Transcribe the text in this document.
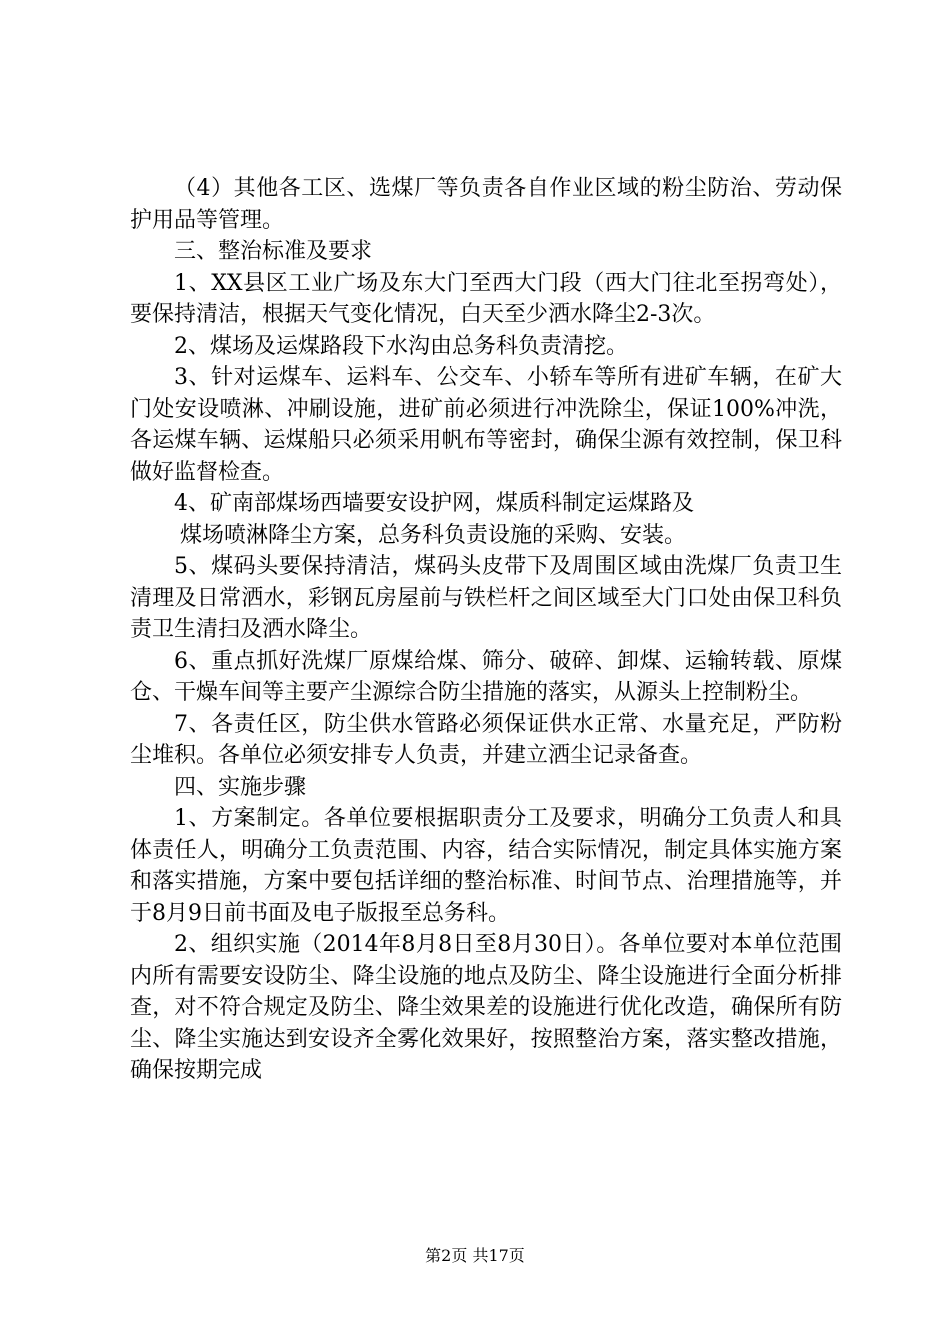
（4）其他各工区、选煤厂等负责各自作业区域的粉尘防治、劳动保护用品等管理。

三、整治标准及要求

1、XX县区工业广场及东大门至西大门段（西大门往北至拐弯处），要保持清洁，根据天气变化情况，白天至少洒水降尘2-3次。

2、煤场及运煤路段下水沟由总务科负责清挖。

3、针对运煤车、运料车、公交车、小轿车等所有进矿车辆，在矿大门处安设喷淋、冲刷设施，进矿前必须进行冲洗除尘，保证100%冲洗，各运煤车辆、运煤船只必须采用帆布等密封，确保尘源有效控制，保卫科做好监督检查。

4、矿南部煤场西墙要安设护网，煤质科制定运煤路及

煤场喷淋降尘方案，总务科负责设施的采购、安装。

5、煤码头要保持清洁，煤码头皮带下及周围区域由洗煤厂负责卫生清理及日常洒水，彩钢瓦房屋前与铁栏杆之间区域至大门口处由保卫科负责卫生清扫及洒水降尘。

6、重点抓好洗煤厂原煤给煤、筛分、破碎、卸煤、运输转载、原煤仓、干燥车间等主要产尘源综合防尘措施的落实，从源头上控制粉尘。

7、各责任区，防尘供水管路必须保证供水正常、水量充足，严防粉尘堆积。各单位必须安排专人负责，并建立洒尘记录备查。

四、实施步骤

1、方案制定。各单位要根据职责分工及要求，明确分工负责人和具体责任人，明确分工负责范围、内容，结合实际情况，制定具体实施方案和落实措施，方案中要包括详细的整治标准、时间节点、治理措施等，并于8月9日前书面及电子版报至总务科。

2、组织实施（2014年8月8日至8月30日）。各单位要对本单位范围内所有需要安设防尘、降尘设施的地点及防尘、降尘设施进行全面分析排查，对不符合规定及防尘、降尘效果差的设施进行优化改造，确保所有防尘、降尘实施达到安设齐全雾化效果好，按照整治方案，落实整改措施，确保按期完成

第2页 共17页
